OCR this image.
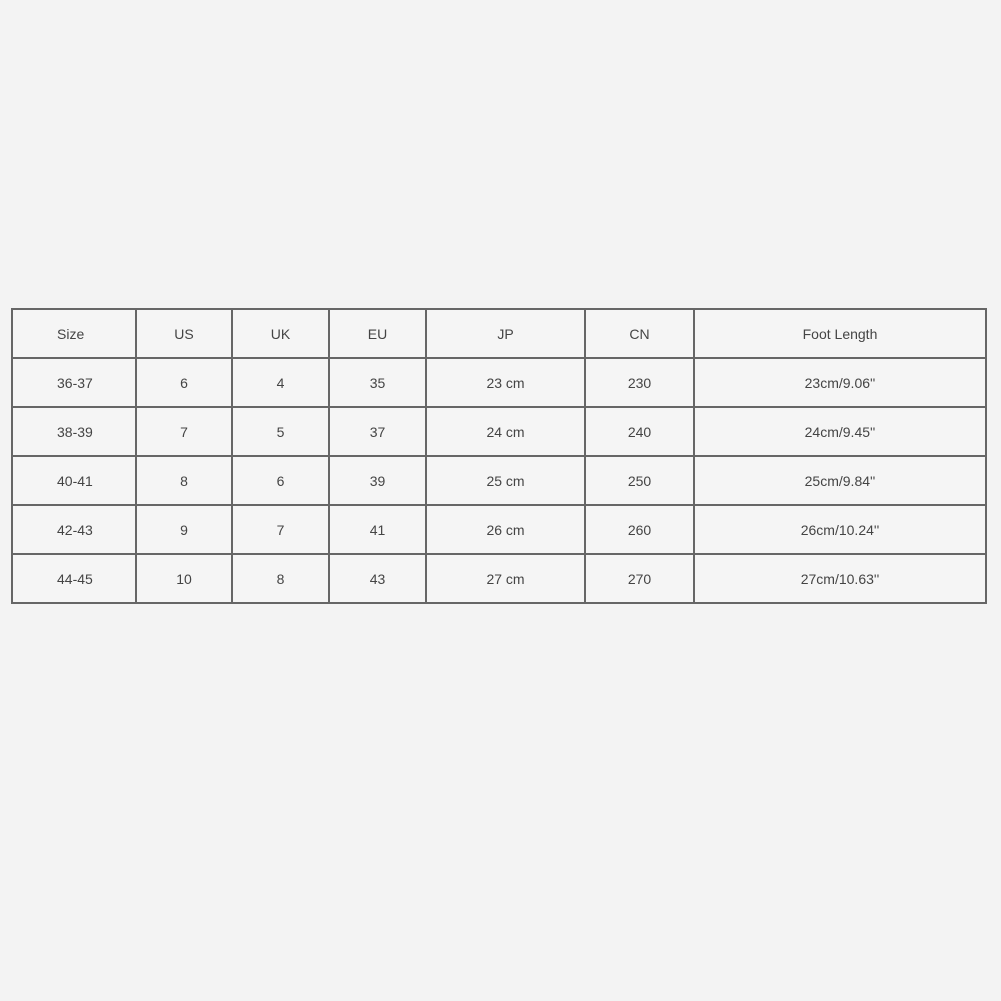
Size	US	UK	EU	JP	CN	Foot Length
36-37	6	4	35	23 cm	230	23cm/9.06''
38-39	7	5	37	24 cm	240	24cm/9.45''
40-41	8	6	39	25 cm	250	25cm/9.84''
42-43	9	7	41	26 cm	260	26cm/10.24''
44-45	10	8	43	27 cm	270	27cm/10.63''
